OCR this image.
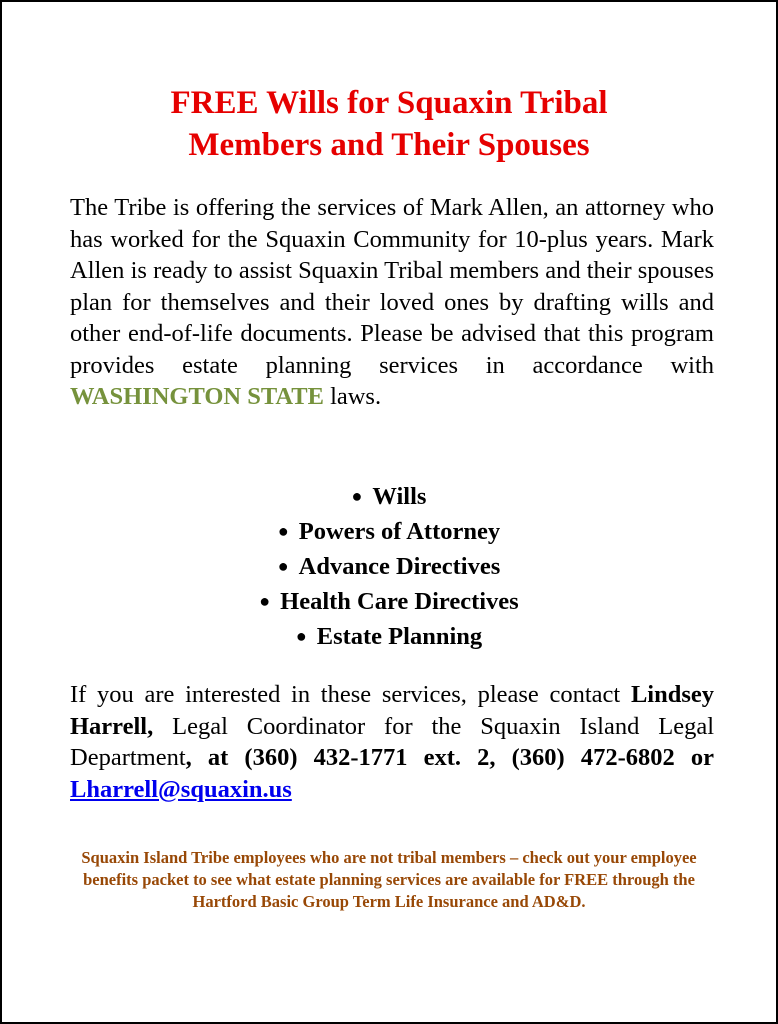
FREE Wills for Squaxin Tribal
Members and Their Spouses

The Tribe is offering the services of Mark Allen, an attorney who has worked for the Squaxin Community for 10-plus years. Mark Allen is ready to assist Squaxin Tribal members and their spouses plan for themselves and their loved ones by drafting wills and other end-of-life documents. Please be advised that this program provides estate planning services in accordance with WASHINGTON STATE laws.

● Wills
● Powers of Attorney
● Advance Directives
● Health Care Directives
● Estate Planning

If you are interested in these services, please contact Lindsey Harrell, Legal Coordinator for the Squaxin Island Legal Department, at (360) 432-1771 ext. 2, (360) 472-6802 or Lharrell@squaxin.us

Squaxin Island Tribe employees who are not tribal members – check out your employee benefits packet to see what estate planning services are available for FREE through the Hartford Basic Group Term Life Insurance and AD&D.
